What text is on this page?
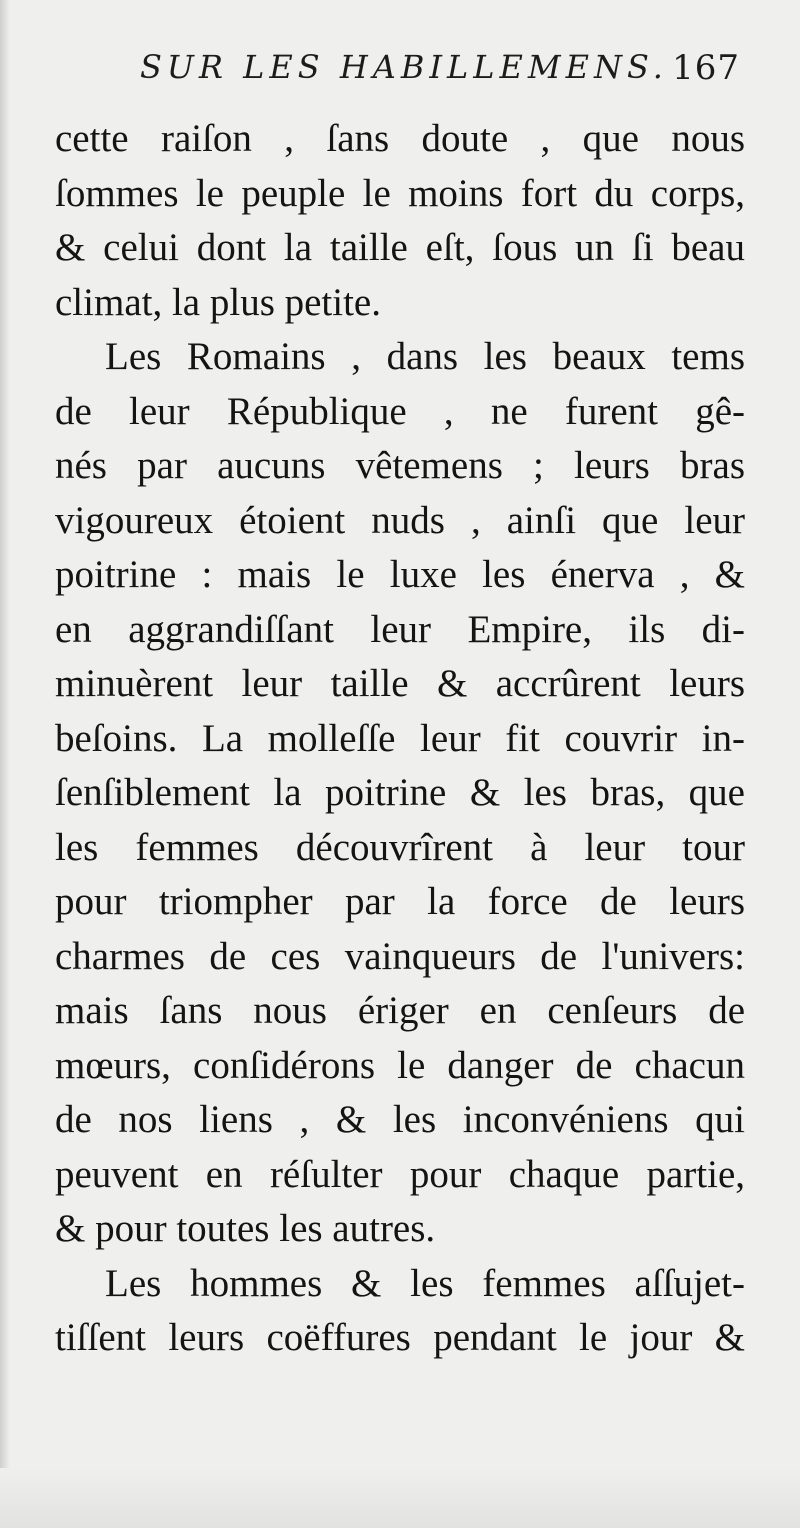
SUR LES HABILLEMENS. 167
cette raiſon , ſans doute , que nous
ſommes le peuple le moins fort du corps,
& celui dont la taille eſt, ſous un ſi beau
climat, la plus petite.
Les Romains , dans les beaux tems
de leur République , ne furent gê-
nés par aucuns vêtemens ; leurs bras
vigoureux étoient nuds , ainſi que leur
poitrine : mais le luxe les énerva , &
en aggrandiſſant leur Empire, ils di-
minuèrent leur taille & accrûrent leurs
beſoins. La molleſſe leur fit couvrir in-
ſenſiblement la poitrine & les bras, que
les femmes découvrîrent à leur tour
pour triompher par la force de leurs
charmes de ces vainqueurs de l'univers:
mais ſans nous ériger en cenſeurs de
mœurs, conſidérons le danger de chacun
de nos liens , & les inconvéniens qui
peuvent en réſulter pour chaque partie,
& pour toutes les autres.
Les hommes & les femmes aſſujet-
tiſſent leurs coëffures pendant le jour &
